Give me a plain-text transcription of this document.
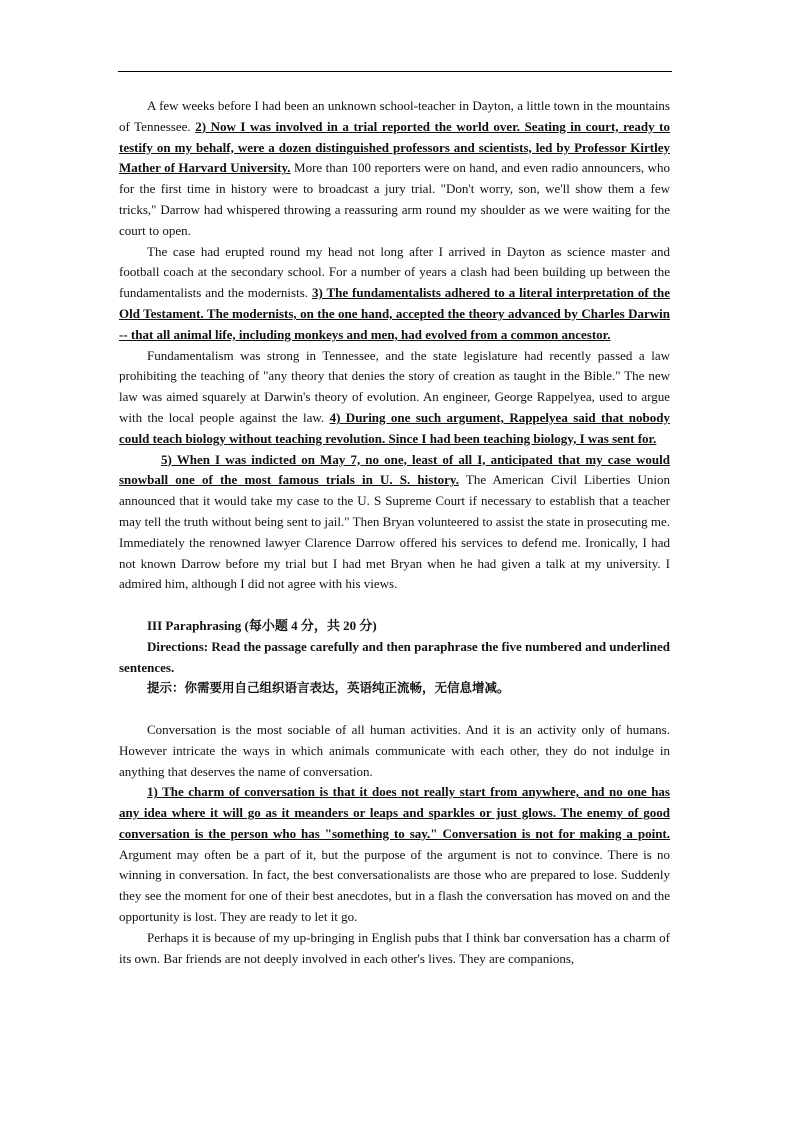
A few weeks before I had been an unknown school-teacher in Dayton, a little town in the mountains of Tennessee. 2) Now I was involved in a trial reported the world over. Seating in court, ready to testify on my behalf, were a dozen distinguished professors and scientists, led by Professor Kirtley Mather of Harvard University. More than 100 reporters were on hand, and even radio announcers, who for the first time in history were to broadcast a jury trial. "Don't worry, son, we'll show them a few tricks," Darrow had whispered throwing a reassuring arm round my shoulder as we were waiting for the court to open.

The case had erupted round my head not long after I arrived in Dayton as science master and football coach at the secondary school. For a number of years a clash had been building up between the fundamentalists and the modernists. 3) The fundamentalists adhered to a literal interpretation of the Old Testament. The modernists, on the one hand, accepted the theory advanced by Charles Darwin -- that all animal life, including monkeys and men, had evolved from a common ancestor.

Fundamentalism was strong in Tennessee, and the state legislature had recently passed a law prohibiting the teaching of "any theory that denies the story of creation as taught in the Bible." The new law was aimed squarely at Darwin's theory of evolution. An engineer, George Rappelyea, used to argue with the local people against the law. 4) During one such argument, Rappelyea said that nobody could teach biology without teaching revolution. Since I had been teaching biology, I was sent for.

5) When I was indicted on May 7, no one, least of all I, anticipated that my case would snowball one of the most famous trials in U. S. history. The American Civil Liberties Union announced that it would take my case to the U. S Supreme Court if necessary to establish that a teacher may tell the truth without being sent to jail." Then Bryan volunteered to assist the state in prosecuting me. Immediately the renowned lawyer Clarence Darrow offered his services to defend me. Ironically, I had not known Darrow before my trial but I had met Bryan when he had given a talk at my university. I admired him, although I did not agree with his views.

III Paraphrasing (每小题 4 分，共 20 分)

Directions: Read the passage carefully and then paraphrase the five numbered and underlined sentences.

提示：你需要用自己组织语言表达，英语纯正流畅，无信息增减。

Conversation is the most sociable of all human activities. And it is an activity only of humans. However intricate the ways in which animals communicate with each other, they do not indulge in anything that deserves the name of conversation.

1) The charm of conversation is that it does not really start from anywhere, and no one has any idea where it will go as it meanders or leaps and sparkles or just glows. The enemy of good conversation is the person who has "something to say." Conversation is not for making a point. Argument may often be a part of it, but the purpose of the argument is not to convince. There is no winning in conversation. In fact, the best conversationalists are those who are prepared to lose. Suddenly they see the moment for one of their best anecdotes, but in a flash the conversation has moved on and the opportunity is lost. They are ready to let it go.

Perhaps it is because of my up-bringing in English pubs that I think bar conversation has a charm of its own. Bar friends are not deeply involved in each other's lives. They are companions,
